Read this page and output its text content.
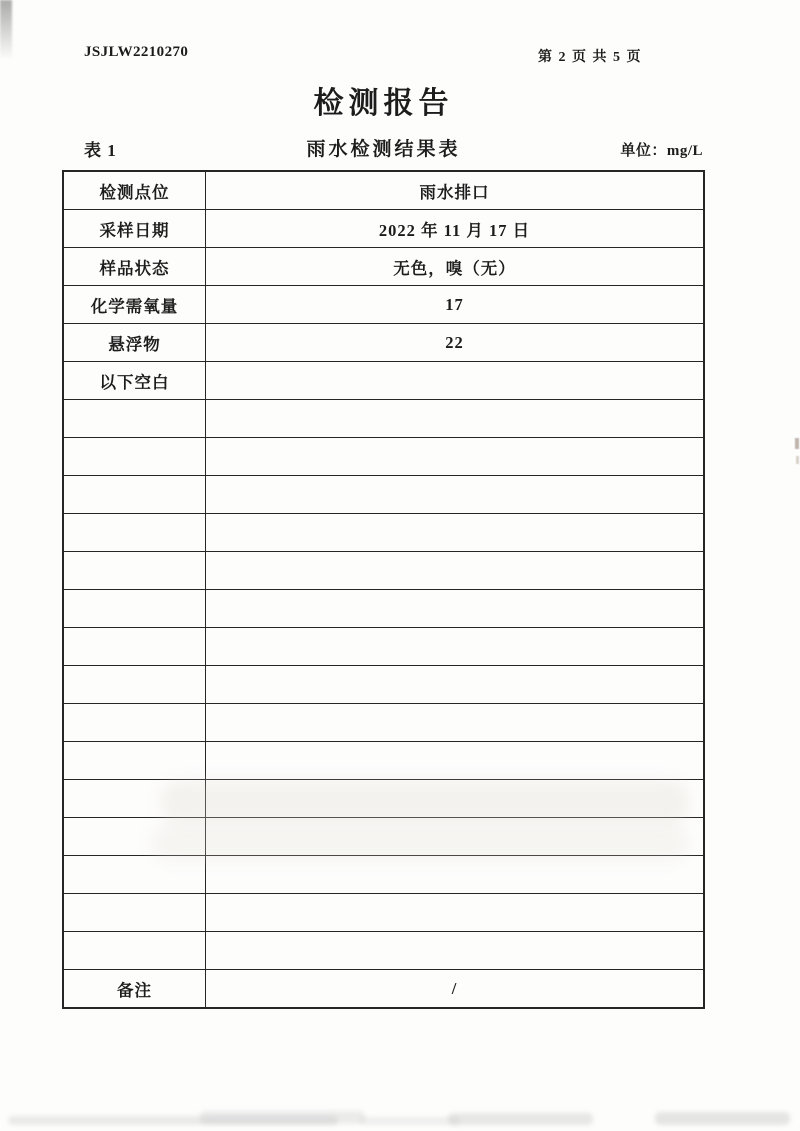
JSJLW2210270	第 2 页 共 5 页
检测报告
表 1	雨水检测结果表	单位：mg/L
检测点位	雨水排口
采样日期	2022 年 11 月 17 日
样品状态	无色，嗅（无）
化学需氧量	17
悬浮物	22
以下空白	

备注	/
